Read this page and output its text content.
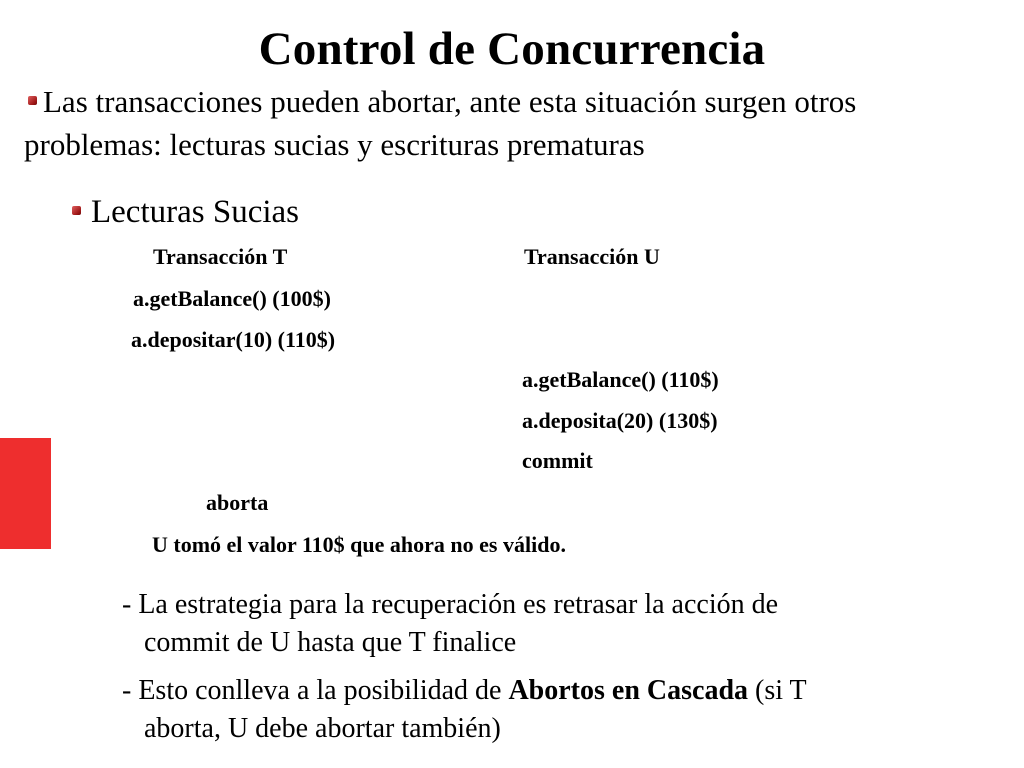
Control de Concurrencia
Las transacciones pueden abortar, ante esta situación surgen otros problemas: lecturas sucias y escrituras prematuras
Lecturas Sucias
Transacción T	Transacción U
a.getBalance() (100$)
a.depositar(10) (110$)
a.getBalance() (110$)
a.deposita(20) (130$)
commit
aborta
U tomó el valor 110$ que ahora no es válido.
- La estrategia para la recuperación es retrasar la acción de
commit de U hasta que T finalice
- Esto conlleva a la posibilidad de Abortos en Cascada (si T
aborta, U debe abortar también)
